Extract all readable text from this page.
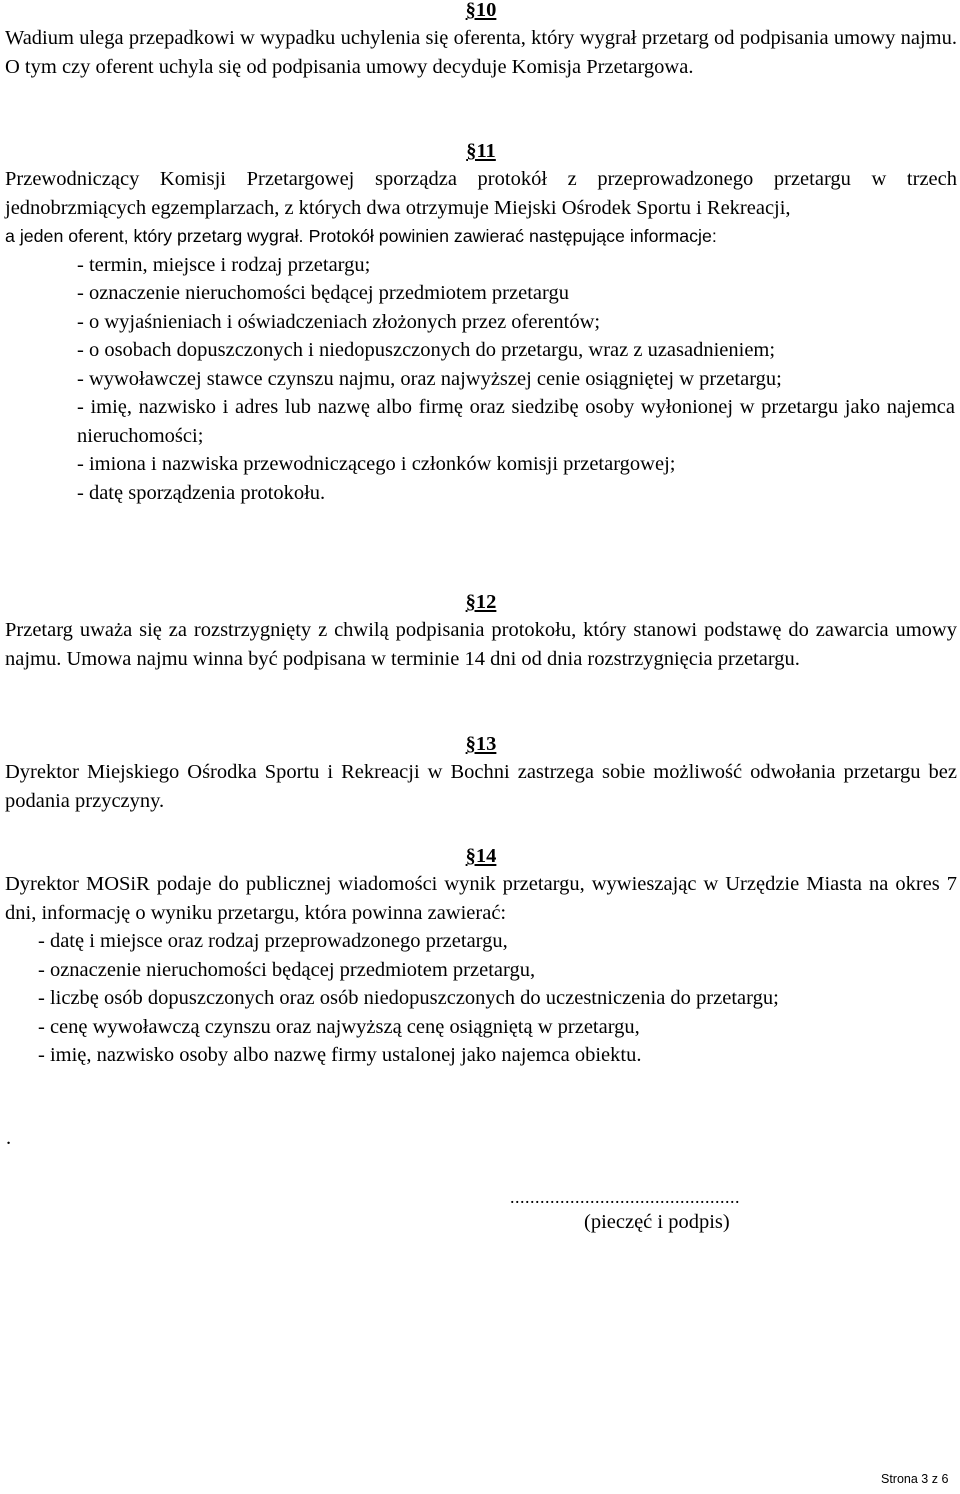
§10

Wadium ulega przepadkowi w wypadku uchylenia się oferenta, który wygrał przetarg od podpisania umowy najmu. O tym czy oferent uchyla się od podpisania umowy decyduje Komisja Przetargowa.

§11

Przewodniczący Komisji Przetargowej sporządza protokół z przeprowadzonego przetargu w trzech jednobrzmiących egzemplarzach, z których dwa otrzymuje Miejski Ośrodek Sportu i Rekreacji,

a jeden oferent, który przetarg wygrał. Protokół powinien zawierać następujące informacje:
- termin, miejsce i rodzaj przetargu;
- oznaczenie nieruchomości będącej przedmiotem przetargu
- o wyjaśnieniach i oświadczeniach złożonych przez oferentów;
- o osobach dopuszczonych i niedopuszczonych do przetargu, wraz z uzasadnieniem;
- wywoławczej stawce czynszu najmu, oraz najwyższej cenie osiągniętej w przetargu;
- imię, nazwisko i adres lub nazwę albo firmę oraz siedzibę osoby wyłonionej w przetargu jako najemca nieruchomości;
- imiona i nazwiska przewodniczącego i członków komisji przetargowej;
- datę sporządzenia protokołu.
§12

Przetarg uważa się za rozstrzygnięty z chwilą podpisania protokołu, który stanowi podstawę do zawarcia umowy najmu. Umowa najmu winna być podpisana w terminie 14 dni od dnia rozstrzygnięcia przetargu.

§13

Dyrektor Miejskiego Ośrodka Sportu i Rekreacji w Bochni zastrzega sobie możliwość odwołania przetargu bez podania przyczyny.

§14

Dyrektor MOSiR podaje do publicznej wiadomości wynik przetargu, wywieszając w Urzędzie Miasta na okres 7 dni, informację o wyniku przetargu, która powinna zawierać:

- datę i miejsce oraz rodzaj przeprowadzonego przetargu,
- oznaczenie nieruchomości będącej przedmiotem przetargu,
- liczbę osób dopuszczonych oraz osób niedopuszczonych do uczestniczenia do przetargu;
- cenę wywoławczą czynszu oraz najwyższą cenę osiągniętą w przetargu,
- imię, nazwisko osoby albo nazwę firmy ustalonej jako najemca obiektu.
.
..............................................
(pieczęć i podpis)
Strona 3 z 6
